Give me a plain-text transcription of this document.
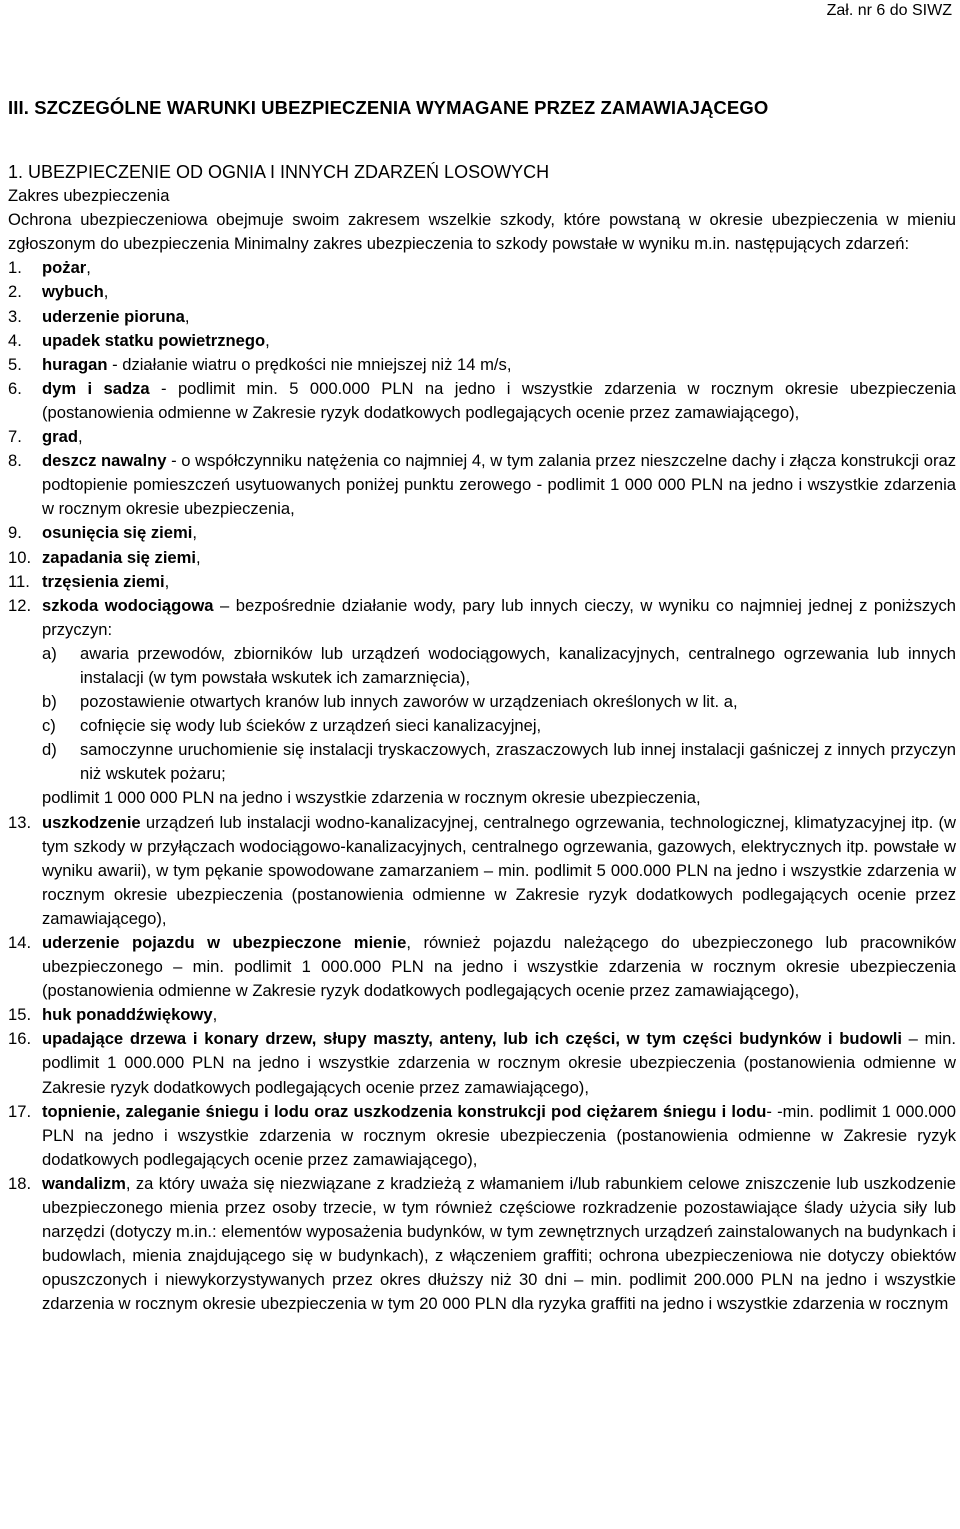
Zał. nr 6 do SIWZ
III. SZCZEGÓLNE WARUNKI UBEZPIECZENIA WYMAGANE PRZEZ ZAMAWIAJĄCEGO
1. UBEZPIECZENIE OD OGNIA I INNYCH ZDARZEŃ LOSOWYCH
Zakres ubezpieczenia
Ochrona ubezpieczeniowa obejmuje swoim zakresem wszelkie szkody, które powstaną w okresie ubezpieczenia w mieniu zgłoszonym do ubezpieczenia Minimalny zakres ubezpieczenia to szkody powstałe w wyniku m.in. następujących zdarzeń:
1. pożar,
2. wybuch,
3. uderzenie pioruna,
4. upadek statku powietrznego,
5. huragan - działanie wiatru o prędkości nie mniejszej niż 14 m/s,
6. dym i sadza - podlimit min. 5 000.000 PLN na jedno i wszystkie zdarzenia w rocznym okresie ubezpieczenia (postanowienia odmienne w Zakresie ryzyk dodatkowych podlegających ocenie przez zamawiającego),
7. grad,
8. deszcz nawalny - o współczynniku natężenia co najmniej 4, w tym zalania przez nieszczelne dachy i złącza konstrukcji oraz podtopienie pomieszczeń usytuowanych poniżej punktu zerowego - podlimit 1 000 000 PLN na jedno i wszystkie zdarzenia w rocznym okresie ubezpieczenia,
9. osunięcia się ziemi,
10. zapadania się ziemi,
11. trzęsienia ziemi,
12. szkoda wodociągowa – bezpośrednie działanie wody, pary lub innych cieczy, w wyniku co najmniej jednej z poniższych przyczyn:
a) awaria przewodów, zbiorników lub urządzeń wodociągowych, kanalizacyjnych, centralnego ogrzewania lub innych instalacji (w tym powstała wskutek ich zamarznięcia),
b) pozostawienie otwartych kranów lub innych zaworów w urządzeniach określonych w lit. a,
c) cofnięcie się wody lub ścieków z urządzeń sieci kanalizacyjnej,
d) samoczynne uruchomienie się instalacji tryskaczowych, zraszaczowych lub innej instalacji gaśniczej z innych przyczyn niż wskutek pożaru;
podlimit 1 000 000 PLN na jedno i wszystkie zdarzenia w rocznym okresie ubezpieczenia,
13. uszkodzenie urządzeń lub instalacji wodno-kanalizacyjnej, centralnego ogrzewania, technologicznej, klimatyzacyjnej itp. (w tym szkody w przyłączach wodociągowo-kanalizacyjnych, centralnego ogrzewania, gazowych, elektrycznych itp. powstałe w wyniku awarii), w tym pękanie spowodowane zamarzaniem – min. podlimit 5 000.000 PLN na jedno i wszystkie zdarzenia w rocznym okresie ubezpieczenia (postanowienia odmienne w Zakresie ryzyk dodatkowych podlegających ocenie przez zamawiającego),
14. uderzenie pojazdu w ubezpieczone mienie, również pojazdu należącego do ubezpieczonego lub pracowników ubezpieczonego – min. podlimit 1 000.000 PLN na jedno i wszystkie zdarzenia w rocznym okresie ubezpieczenia (postanowienia odmienne w Zakresie ryzyk dodatkowych podlegających ocenie przez zamawiającego),
15. huk ponaddźwiękowy,
16. upadające drzewa i konary drzew, słupy maszty, anteny, lub ich części, w tym części budynków i budowli – min. podlimit 1 000.000 PLN na jedno i wszystkie zdarzenia w rocznym okresie ubezpieczenia (postanowienia odmienne w Zakresie ryzyk dodatkowych podlegających ocenie przez zamawiającego),
17. topnienie, zaleganie śniegu i lodu oraz uszkodzenia konstrukcji pod ciężarem śniegu i lodu- -min. podlimit 1 000.000 PLN na jedno i wszystkie zdarzenia w rocznym okresie ubezpieczenia (postanowienia odmienne w Zakresie ryzyk dodatkowych podlegających ocenie przez zamawiającego),
18. wandalizm, za który uważa się niezwiązane z kradzieżą z włamaniem i/lub rabunkiem celowe zniszczenie lub uszkodzenie ubezpieczonego mienia przez osoby trzecie, w tym również częściowe rozkradzenie pozostawiające ślady użycia siły lub narzędzi (dotyczy m.in.: elementów wyposażenia budynków, w tym zewnętrznych urządzeń zainstalowanych na budynkach i budowlach, mienia znajdującego się w budynkach), z włączeniem graffiti; ochrona ubezpieczeniowa nie dotyczy obiektów opuszczonych i niewykorzystywanych przez okres dłuższy niż 30 dni – min. podlimit 200.000 PLN na jedno i wszystkie zdarzenia w rocznym okresie ubezpieczenia w tym 20 000 PLN dla ryzyka graffiti na jedno i wszystkie zdarzenia w rocznym
